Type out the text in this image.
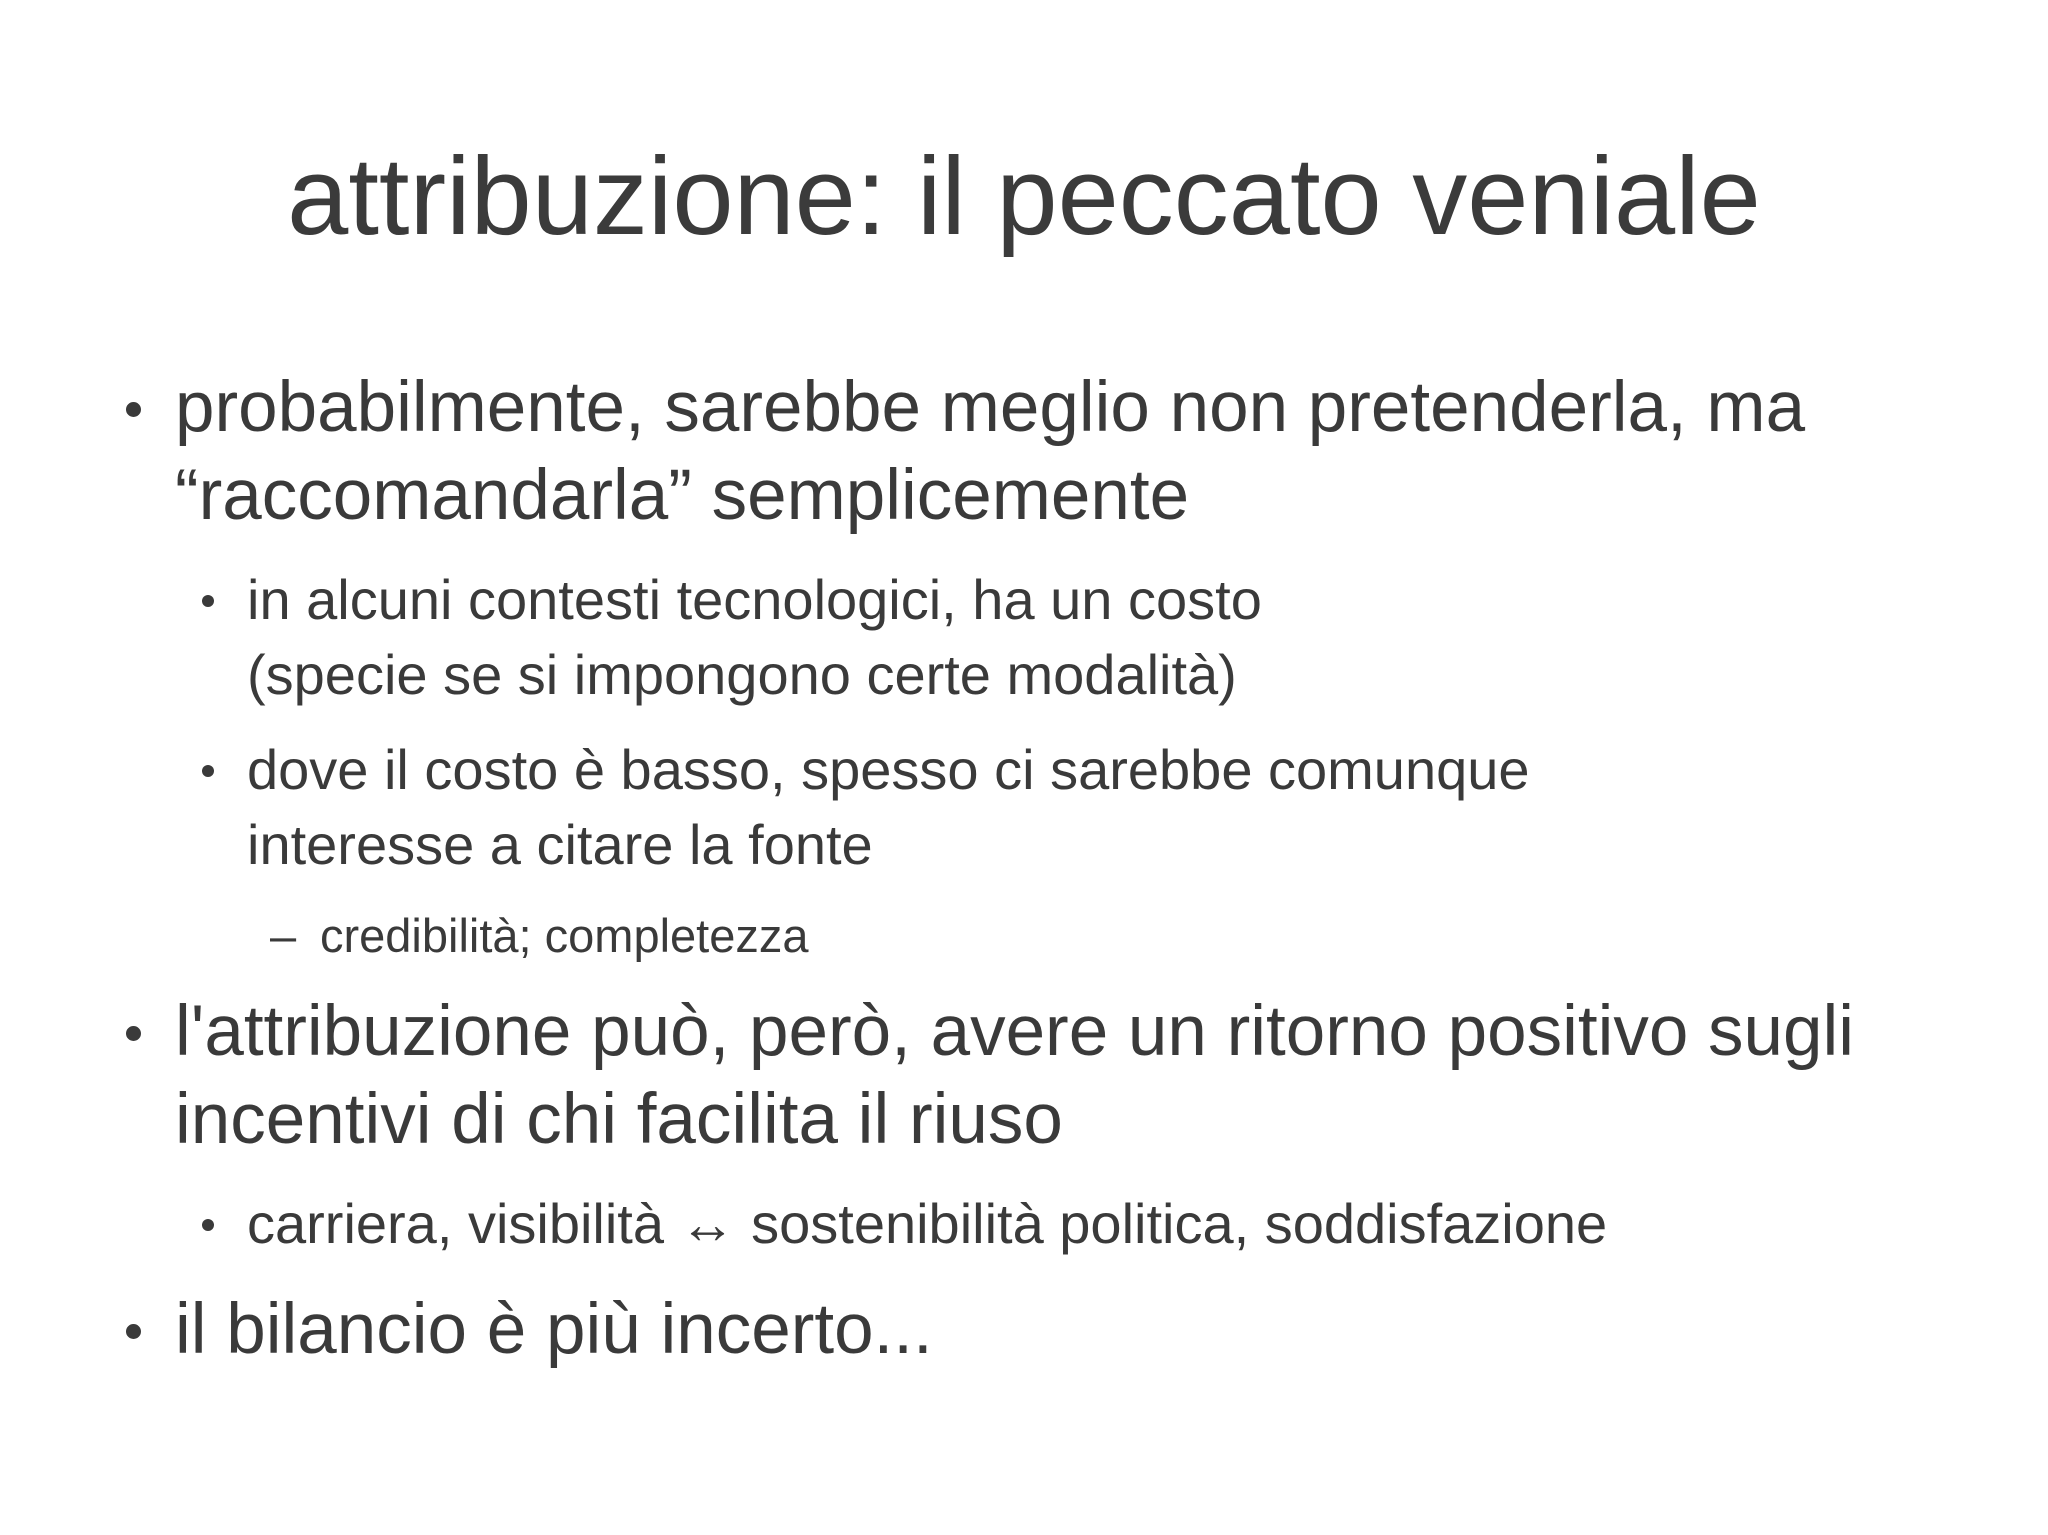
attribuzione: il peccato veniale
probabilmente, sarebbe meglio non pretenderla, ma
“raccomandarla” semplicemente
in alcuni contesti tecnologici, ha un costo
(specie se si impongono certe modalità)
dove il costo è basso, spesso ci sarebbe comunque
interesse a citare la fonte
– credibilità; completezza
l'attribuzione può, però, avere un ritorno positivo sugli
incentivi di chi facilita il riuso
carriera, visibilità ↔ sostenibilità politica, soddisfazione
il bilancio è più incerto...
